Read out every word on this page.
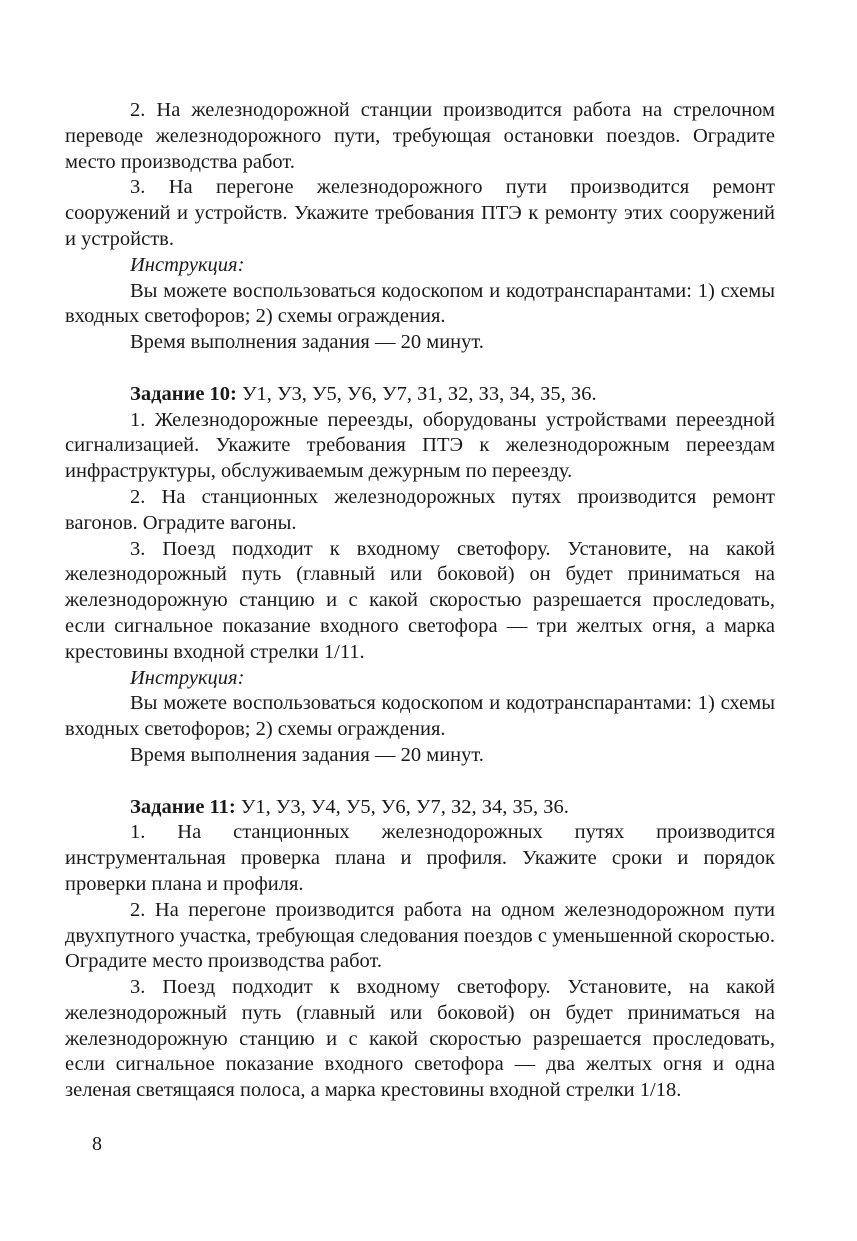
2. На железнодорожной станции производится работа на стрелочном переводе железнодорожного пути, требующая остановки поездов. Оградите место производства работ.

3. На перегоне железнодорожного пути производится ремонт сооружений и устройств. Укажите требования ПТЭ к ремонту этих сооружений и устройств.

Инструкция:

Вы можете воспользоваться кодоскопом и кодотранспарантами: 1) схемы входных светофоров; 2) схемы ограждения.

Время выполнения задания — 20 минут.

Задание 10: У1, У3, У5, У6, У7, З1, З2, З3, З4, З5, З6.

1. Железнодорожные переезды, оборудованы устройствами переездной сигнализацией. Укажите требования ПТЭ к железнодорожным переездам инфраструктуры, обслуживаемым дежурным по переезду.

2. На станционных железнодорожных путях производится ремонт вагонов. Оградите вагоны.

3. Поезд подходит к входному светофору. Установите, на какой железнодорожный путь (главный или боковой) он будет приниматься на железнодорожную станцию и с какой скоростью разрешается проследовать, если сигнальное показание входного светофора — три желтых огня, а марка крестовины входной стрелки 1/11.

Инструкция:

Вы можете воспользоваться кодоскопом и кодотранспарантами: 1) схемы входных светофоров; 2) схемы ограждения.

Время выполнения задания — 20 минут.

Задание 11: У1, У3, У4, У5, У6, У7, З2, З4, З5, З6.

1. На станционных железнодорожных путях производится инструментальная проверка плана и профиля. Укажите сроки и порядок проверки плана и профиля.

2. На перегоне производится работа на одном железнодорожном пути двухпутного участка, требующая следования поездов с уменьшенной скоростью. Оградите место производства работ.

3. Поезд подходит к входному светофору. Установите, на какой железнодорожный путь (главный или боковой) он будет приниматься на железнодорожную станцию и с какой скоростью разрешается проследовать, если сигнальное показание входного светофора — два желтых огня и одна зеленая светящаяся полоса, а марка крестовины входной стрелки 1/18.

8
